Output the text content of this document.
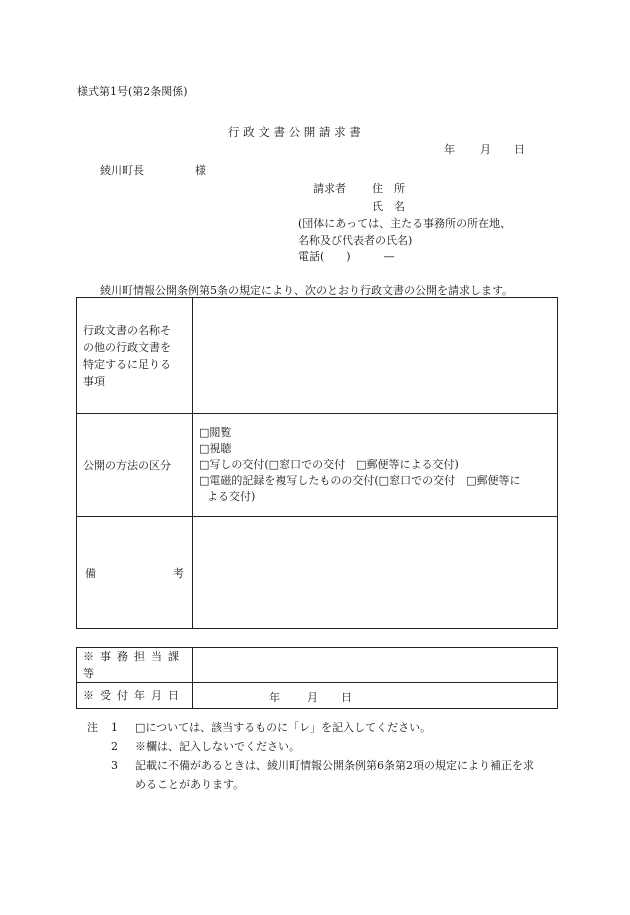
様式第1号(第2条関係)
行 政 文 書 公 開 請 求 書
年 月 日
綾川町長	様
請求者 住　所
氏　名
(団体にあっては、主たる事務所の所在地、
名称及び代表者の氏名)
電話(　　)　　　—
綾川町情報公開条例第5条の規定により、次のとおり行政文書の公開を請求します。
行政文書の名称そ
の他の行政文書を
特定するに足りる
事項	

公開の方法の区分	□閲覧
□視聴
□写しの交付(□窓口での交付　□郵便等による交付)
□電磁的記録を複写したものの交付(□窓口での交付　□郵便等に
よる交付)

備 考	

※事務担当課等	

※受付年月日	年 月 日
注	1	□については、該当するものに「レ」を記入してください。
2	※欄は、記入しないでください。
3	記載に不備があるときは、綾川町情報公開条例第6条第2項の規定により補正を求
めることがあります。
